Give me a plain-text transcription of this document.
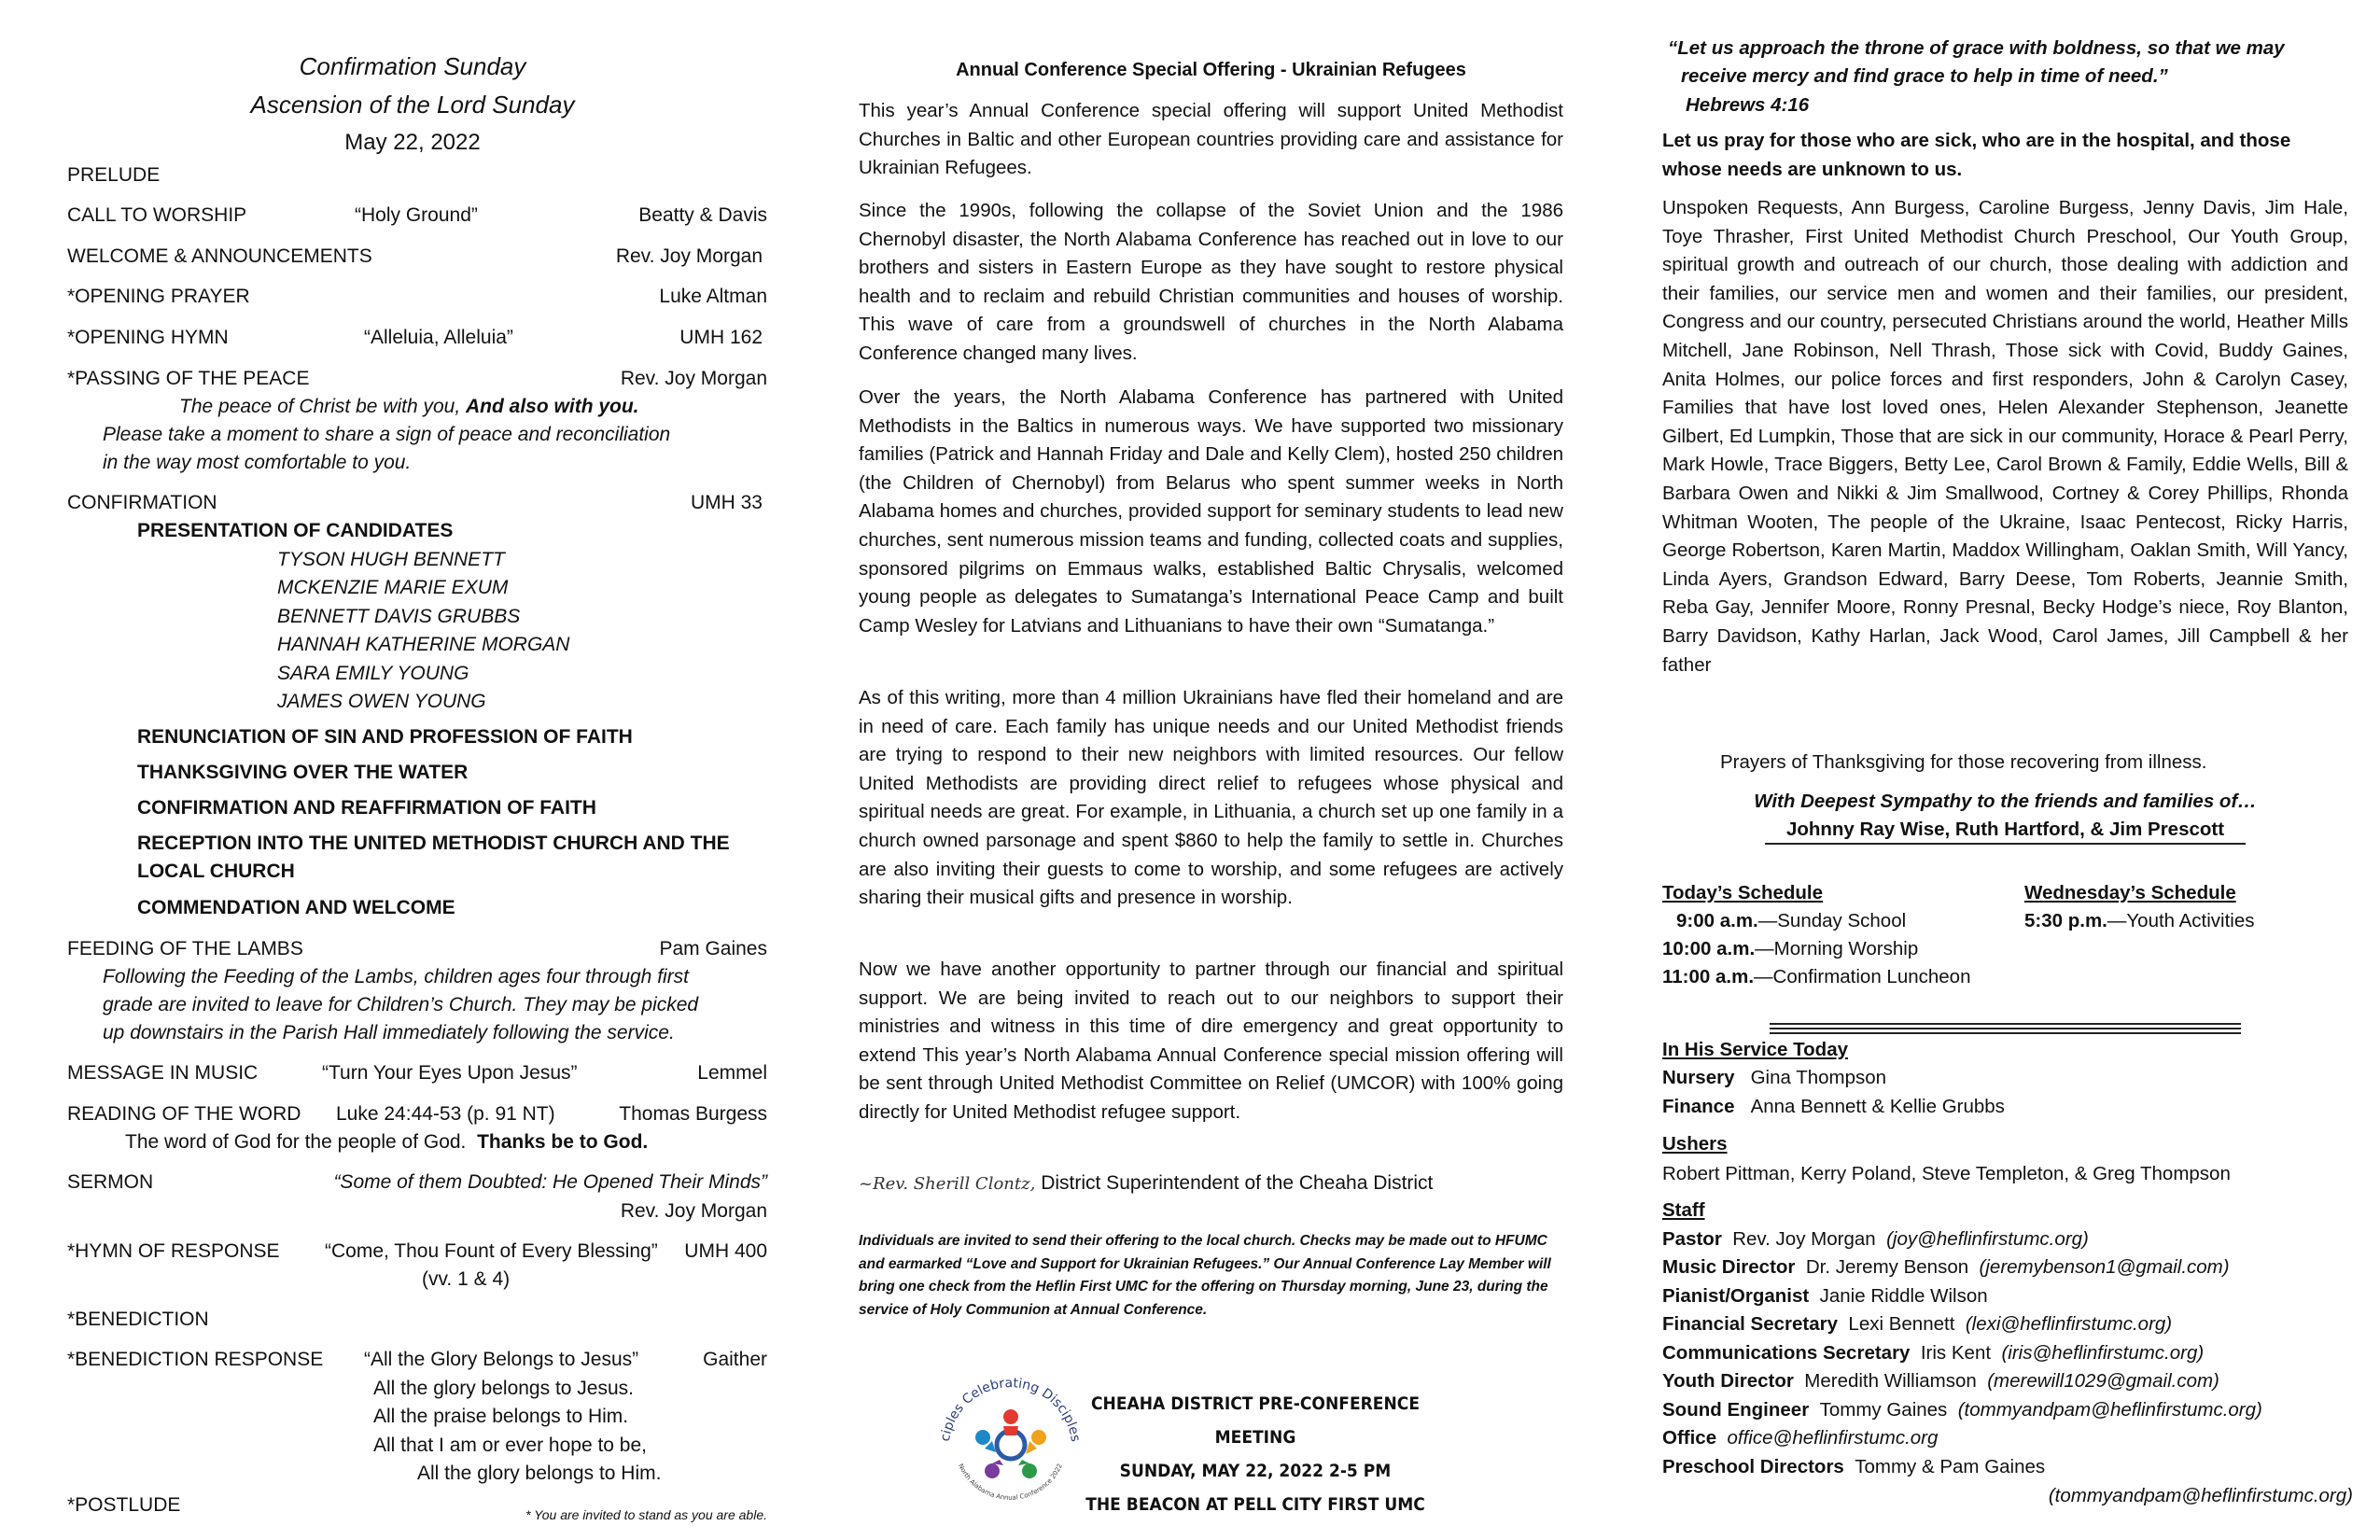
Confirmation Sunday
Ascension of the Lord Sunday
May 22, 2022
PRELUDE
CALL TO WORSHIP	“Holy Ground”	Beatty & Davis
WELCOME & ANNOUNCEMENTS	Rev. Joy Morgan
*OPENING PRAYER	Luke Altman
*OPENING HYMN	“Alleluia, Alleluia”	UMH 162
*PASSING OF THE PEACE	Rev. Joy Morgan
The peace of Christ be with you, And also with you.
Please take a moment to share a sign of peace and reconciliation
in the way most comfortable to you.
CONFIRMATION	UMH 33
PRESENTATION OF CANDIDATES
TYSON HUGH BENNETT
MCKENZIE MARIE EXUM
BENNETT DAVIS GRUBBS
HANNAH KATHERINE MORGAN
SARA EMILY YOUNG
JAMES OWEN YOUNG
RENUNCIATION OF SIN AND PROFESSION OF FAITH
THANKSGIVING OVER THE WATER
CONFIRMATION AND REAFFIRMATION OF FAITH
RECEPTION INTO THE UNITED METHODIST CHURCH AND THE
LOCAL CHURCH
COMMENDATION AND WELCOME
FEEDING OF THE LAMBS	Pam Gaines
Following the Feeding of the Lambs, children ages four through first
grade are invited to leave for Children’s Church. They may be picked
up downstairs in the Parish Hall immediately following the service.
MESSAGE IN MUSIC	“Turn Your Eyes Upon Jesus”	Lemmel
READING OF THE WORD Luke 24:44-53 (p. 91 NT)	Thomas Burgess
The word of God for the people of God. Thanks be to God.
SERMON	“Some of them Doubted: He Opened Their Minds”
Rev. Joy Morgan
*HYMN OF RESPONSE “Come, Thou Fount of Every Blessing” UMH 400
(vv. 1 & 4)
*BENEDICTION
*BENEDICTION RESPONSE “All the Glory Belongs to Jesus”	Gaither
All the glory belongs to Jesus.
All the praise belongs to Him.
All that I am or ever hope to be,
All the glory belongs to Him.
*POSTLUDE	* You are invited to stand as you are able.
Annual Conference Special Offering - Ukrainian Refugees
This year’s Annual Conference special offering will support United Methodist Churches in Baltic and other European countries providing care and assistance for Ukrainian Refugees.
Since the 1990s, following the collapse of the Soviet Union and the 1986 Chernobyl disaster, the North Alabama Conference has reached out in love to our brothers and sisters in Eastern Europe as they have sought to restore physical health and to reclaim and rebuild Christian communities and houses of worship. This wave of care from a groundswell of churches in the North Alabama Conference changed many lives.
Over the years, the North Alabama Conference has partnered with United Methodists in the Baltics in numerous ways. We have supported two missionary families (Patrick and Hannah Friday and Dale and Kelly Clem), hosted 250 children (the Children of Chernobyl) from Belarus who spent summer weeks in North Alabama homes and churches, provided support for seminary students to lead new churches, sent numerous mission teams and funding, collected coats and supplies, sponsored pilgrims on Emmaus walks, established Baltic Chrysalis, welcomed young people as delegates to Sumatanga’s International Peace Camp and built Camp Wesley for Latvians and Lithuanians to have their own “Sumatanga.”
As of this writing, more than 4 million Ukrainians have fled their homeland and are in need of care. Each family has unique needs and our United Methodist friends are trying to respond to their new neighbors with limited resources. Our fellow United Methodists are providing direct relief to refugees whose physical and spiritual needs are great. For example, in Lithuania, a church set up one family in a church owned parsonage and spent $860 to help the family to settle in. Churches are also inviting their guests to come to worship, and some refugees are actively sharing their musical gifts and presence in worship.
Now we have another opportunity to partner through our financial and spiritual support. We are being invited to reach out to our neighbors to support their ministries and witness in this time of dire emergency and great opportunity to extend This year’s North Alabama Annual Conference special mission offering will be sent through United Methodist Committee on Relief (UMCOR) with 100% going directly for United Methodist refugee support.
~Rev. Sherill Clontz, District Superintendent of the Cheaha District
Individuals are invited to send their offering to the local church. Checks may be made out to HFUMC and earmarked “Love and Support for Ukrainian Refugees.” Our Annual Conference Lay Member will bring one check from the Heflin First UMC for the offering on Thursday morning, June 23, during the service of Holy Communion at Annual Conference.
ciples Celebrating Disciples
North Alabama Annual Conference 2022
CHEAHA DISTRICT PRE-CONFERENCE MEETING
SUNDAY, MAY 22, 2022 2-5 PM
THE BEACON AT PELL CITY FIRST UMC
“Let us approach the throne of grace with boldness, so that we may
receive mercy and find grace to help in time of need.”
Hebrews 4:16
Let us pray for those who are sick, who are in the hospital, and those whose needs are unknown to us.
Unspoken Requests, Ann Burgess, Caroline Burgess, Jenny Davis, Jim Hale, Toye Thrasher, First United Methodist Church Preschool, Our Youth Group, spiritual growth and outreach of our church, those dealing with addiction and their families, our service men and women and their families, our president, Congress and our country, persecuted Christians around the world, Heather Mills Mitchell, Jane Robinson, Nell Thrash, Those sick with Covid, Buddy Gaines, Anita Holmes, our police forces and first responders, John & Carolyn Casey, Families that have lost loved ones, Helen Alexander Stephenson, Jeanette Gilbert, Ed Lumpkin, Those that are sick in our community, Horace & Pearl Perry, Mark Howle, Trace Biggers, Betty Lee, Carol Brown & Family, Eddie Wells, Bill & Barbara Owen and Nikki & Jim Smallwood, Cortney & Corey Phillips, Rhonda Whitman Wooten, The people of the Ukraine, Isaac Pentecost, Ricky Harris, George Robertson, Karen Martin, Maddox Willingham, Oaklan Smith, Will Yancy, Linda Ayers, Grandson Edward, Barry Deese, Tom Roberts, Jeannie Smith, Reba Gay, Jennifer Moore, Ronny Presnal, Becky Hodge’s niece, Roy Blanton, Barry Davidson, Kathy Harlan, Jack Wood, Carol James, Jill Campbell & her father
Prayers of Thanksgiving for those recovering from illness.
With Deepest Sympathy to the friends and families of…
Johnny Ray Wise, Ruth Hartford, & Jim Prescott
Today’s Schedule
9:00 a.m.—Sunday School
10:00 a.m.—Morning Worship
11:00 a.m.—Confirmation Luncheon
Wednesday’s Schedule
5:30 p.m.—Youth Activities
In His Service Today
Nursery Gina Thompson
Finance Anna Bennett & Kellie Grubbs
Ushers
Robert Pittman, Kerry Poland, Steve Templeton, & Greg Thompson
Staff
Pastor Rev. Joy Morgan (joy@heflinfirstumc.org)
Music Director Dr. Jeremy Benson (jeremybenson1@gmail.com)
Pianist/Organist Janie Riddle Wilson
Financial Secretary Lexi Bennett (lexi@heflinfirstumc.org)
Communications Secretary Iris Kent (iris@heflinfirstumc.org)
Youth Director Meredith Williamson (merewill1029@gmail.com)
Sound Engineer Tommy Gaines (tommyandpam@heflinfirstumc.org)
Office office@heflinfirstumc.org
Preschool Directors Tommy & Pam Gaines
(tommyandpam@heflinfirstumc.org)
